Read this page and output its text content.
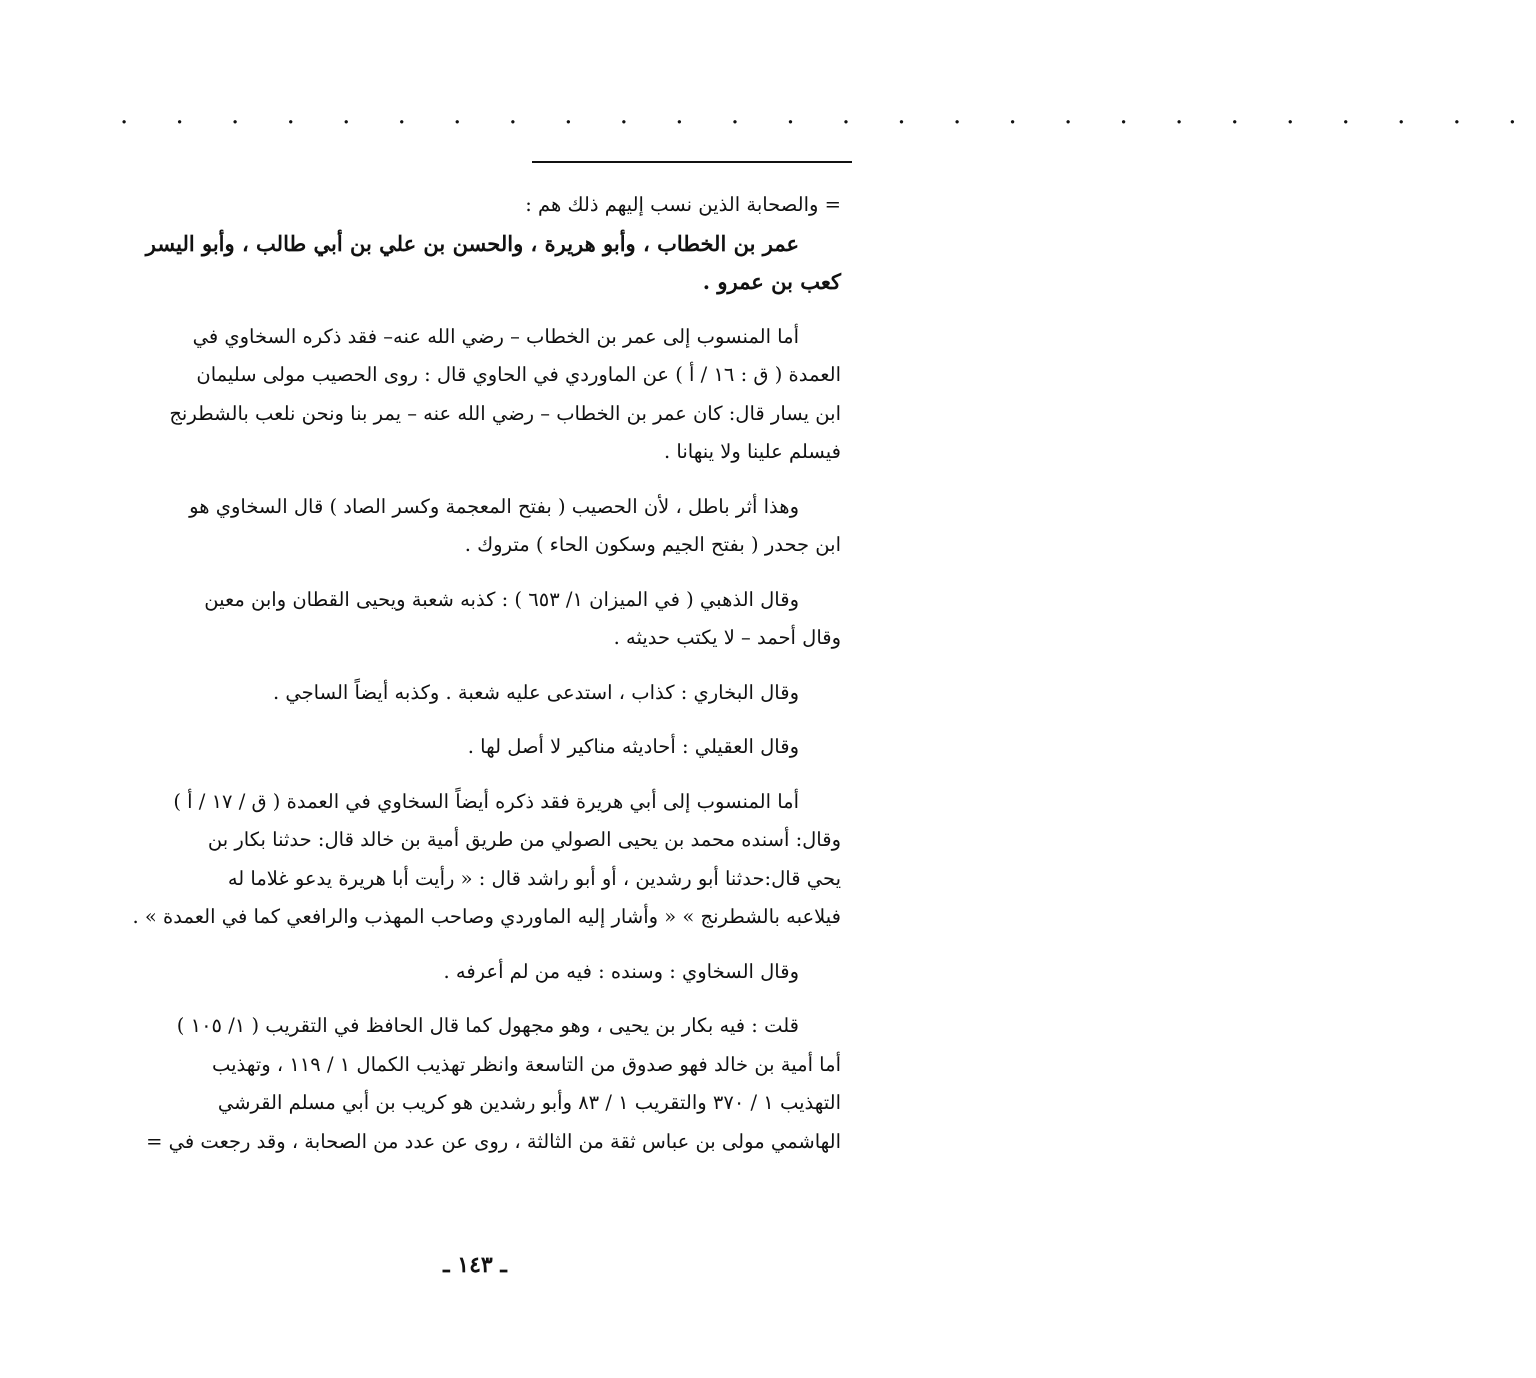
· · · · · · · · · · · · · · · · · · · · · · · · · ·

= والصحابة الذين نسب إليهم ذلك هم :

عمر بن الخطاب ، وأبو هريرة ، والحسن بن علي بن أبي طالب ، وأبو اليسر

كعب بن عمرو .

أما المنسوب إلى عمر بن الخطاب – رضي الله عنه– فقد ذكره السخاوي في

العمدة ( ق : ١٦ / أ ) عن الماوردي في الحاوي قال : روى الحصيب مولى سليمان

ابن يسار قال: كان عمر بن الخطاب – رضي الله عنه – يمر بنا ونحن نلعب بالشطرنج

فيسلم علينا ولا ينهانا .

وهذا أثر باطل ، لأن الحصيب ( بفتح المعجمة وكسر الصاد ) قال السخاوي هو

ابن جحدر ( بفتح الجيم وسكون الحاء ) متروك .

وقال الذهبي ( في الميزان ١/ ٦٥٣ ) : كذبه شعبة ويحيى القطان وابن معين

وقال أحمد – لا يكتب حديثه .

وقال البخاري : كذاب ، استدعى عليه شعبة . وكذبه أيضاً الساجي .

وقال العقيلي : أحاديثه مناكير لا أصل لها .

أما المنسوب إلى أبي هريرة فقد ذكره أيضاً السخاوي في العمدة ( ق / ١٧ / أ )

وقال: أسنده محمد بن يحيى الصولي من طريق أمية بن خالد قال: حدثنا بكار بن

يحي قال:حدثنا أبو رشدين ، أو أبو راشد قال : « رأيت أبا هريرة يدعو غلاما له

فيلاعبه بالشطرنج » « وأشار إليه الماوردي وصاحب المهذب والرافعي كما في العمدة » .

وقال السخاوي : وسنده : فيه من لم أعرفه .

قلت : فيه بكار بن يحيى ، وهو مجهول كما قال الحافظ في التقريب ( ١/ ١٠٥ )

أما أمية بن خالد فهو صدوق من التاسعة وانظر تهذيب الكمال ١ / ١١٩ ، وتهذيب

التهذيب ١ / ٣٧٠ والتقريب ١ / ٨٣ وأبو رشدين هو كريب بن أبي مسلم القرشي

الهاشمي مولى بن عباس ثقة من الثالثة ، روى عن عدد من الصحابة ، وقد رجعت في =

ـ ١٤٣ ـ
